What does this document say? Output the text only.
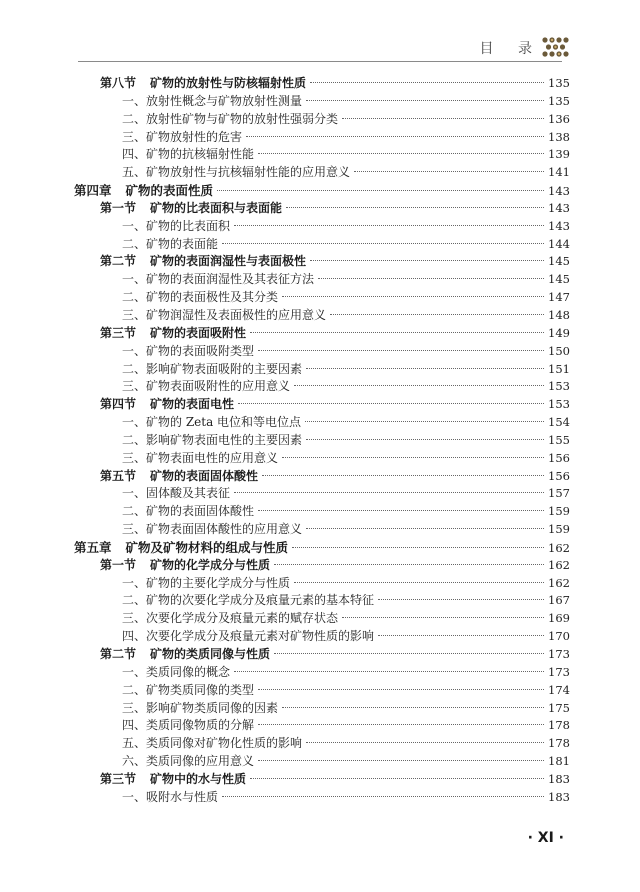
目 录
第八节 矿物的放射性与防核辐射性质	135
一、放射性概念与矿物放射性测量	135
二、放射性矿物与矿物的放射性强弱分类	136
三、矿物放射性的危害	138
四、矿物的抗核辐射性能	139
五、矿物放射性与抗核辐射性能的应用意义	141
第四章 矿物的表面性质	143
第一节 矿物的比表面积与表面能	143
一、矿物的比表面积	143
二、矿物的表面能	144
第二节 矿物的表面润湿性与表面极性	145
一、矿物的表面润湿性及其表征方法	145
二、矿物的表面极性及其分类	147
三、矿物润湿性及表面极性的应用意义	148
第三节 矿物的表面吸附性	149
一、矿物的表面吸附类型	150
二、影响矿物表面吸附的主要因素	151
三、矿物表面吸附性的应用意义	153
第四节 矿物的表面电性	153
一、矿物的 Zeta 电位和等电位点	154
二、影响矿物表面电性的主要因素	155
三、矿物表面电性的应用意义	156
第五节 矿物的表面固体酸性	156
一、固体酸及其表征	157
二、矿物的表面固体酸性	159
三、矿物表面固体酸性的应用意义	159
第五章 矿物及矿物材料的组成与性质	162
第一节 矿物的化学成分与性质	162
一、矿物的主要化学成分与性质	162
二、矿物的次要化学成分及痕量元素的基本特征	167
三、次要化学成分及痕量元素的赋存状态	169
四、次要化学成分及痕量元素对矿物性质的影响	170
第二节 矿物的类质同像与性质	173
一、类质同像的概念	173
二、矿物类质同像的类型	174
三、影响矿物类质同像的因素	175
四、类质同像物质的分解	178
五、类质同像对矿物化性质的影响	178
六、类质同像的应用意义	181
第三节 矿物中的水与性质	183
一、吸附水与性质	183
· XI ·
